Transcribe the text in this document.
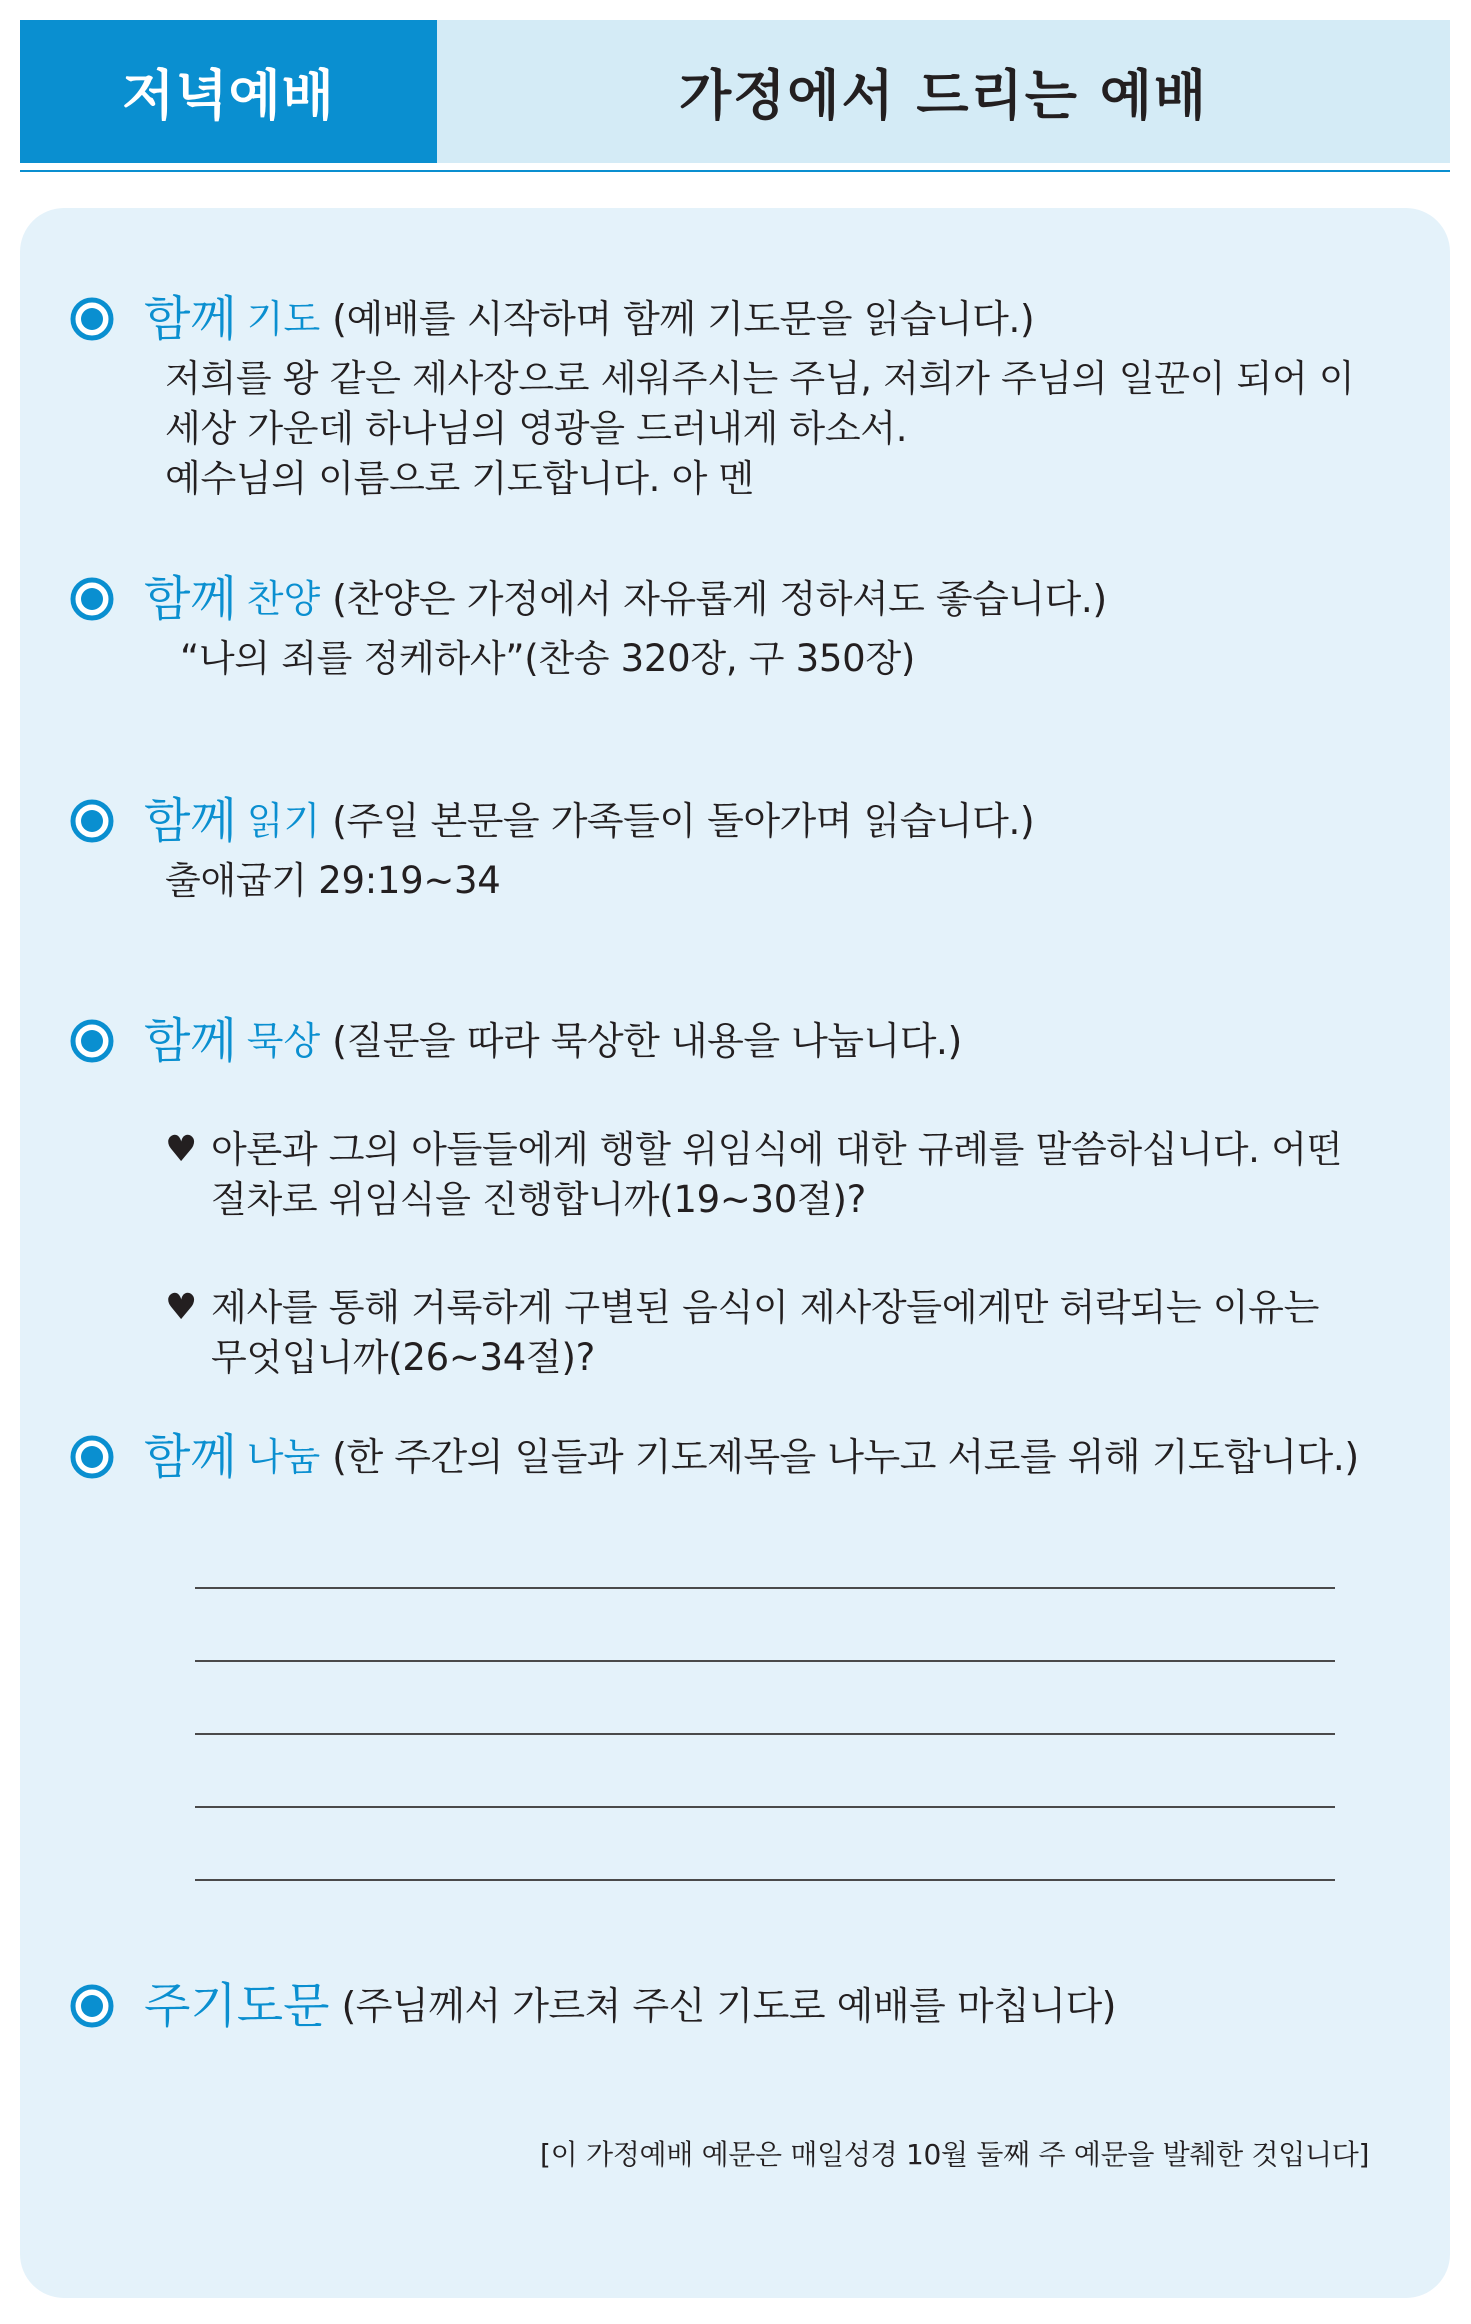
저녁예배	가정에서 드리는 예배
함께 기도 (예배를 시작하며 함께 기도문을 읽습니다.)
저희를 왕 같은 제사장으로 세워주시는 주님, 저희가 주님의 일꾼이 되어 이
세상 가운데 하나님의 영광을 드러내게 하소서.
예수님의 이름으로 기도합니다. 아 멘
함께 찬양 (찬양은 가정에서 자유롭게 정하셔도 좋습니다.)
“나의 죄를 정케하사”(찬송 320장, 구 350장)
함께 읽기 (주일 본문을 가족들이 돌아가며 읽습니다.)
출애굽기 29:19~34
함께 묵상 (질문을 따라 묵상한 내용을 나눕니다.)
♥ 아론과 그의 아들들에게 행할 위임식에 대한 규례를 말씀하십니다. 어떤
절차로 위임식을 진행합니까(19~30절)?
♥ 제사를 통해 거룩하게 구별된 음식이 제사장들에게만 허락되는 이유는
무엇입니까(26~34절)?
함께 나눔 (한 주간의 일들과 기도제목을 나누고 서로를 위해 기도합니다.)
주기도문 (주님께서 가르쳐 주신 기도로 예배를 마칩니다)
[이 가정예배 예문은 매일성경 10월 둘째 주 예문을 발췌한 것입니다]
